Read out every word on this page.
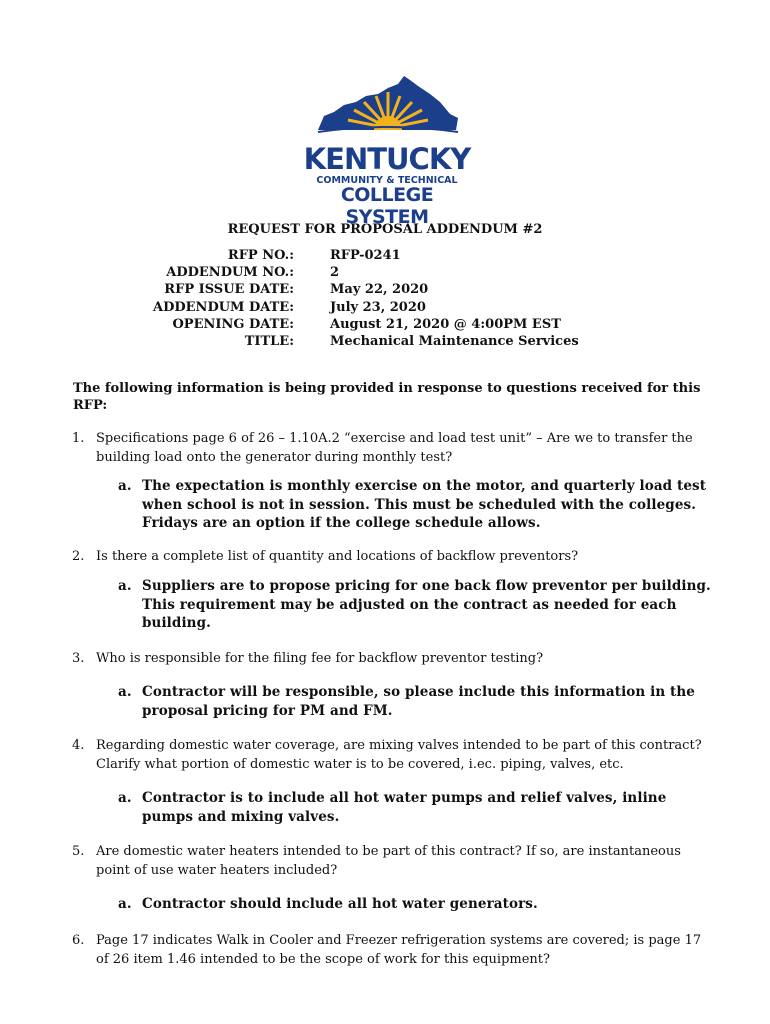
KENTUCKY
COMMUNITY & TECHNICAL
COLLEGE SYSTEM
REQUEST FOR PROPOSAL ADDENDUM #2
RFP NO.:	RFP-0241
ADDENDUM NO.:	2
RFP ISSUE DATE:	May 22, 2020
ADDENDUM DATE:	July 23, 2020
OPENING DATE:	August 21, 2020 @ 4:00PM EST
TITLE:	Mechanical Maintenance Services
The following information is being provided in response to questions received for this RFP:
1. Specifications page 6 of 26 – 1.10A.2 “exercise and load test unit” – Are we to transfer the building load onto the generator during monthly test?
a. The expectation is monthly exercise on the motor, and quarterly load test when school is not in session. This must be scheduled with the colleges. Fridays are an option if the college schedule allows.
2. Is there a complete list of quantity and locations of backflow preventors?
a. Suppliers are to propose pricing for one back flow preventor per building. This requirement may be adjusted on the contract as needed for each building.
3. Who is responsible for the filing fee for backflow preventor testing?
a. Contractor will be responsible, so please include this information in the proposal pricing for PM and FM.
4. Regarding domestic water coverage, are mixing valves intended to be part of this contract? Clarify what portion of domestic water is to be covered, i.ec. piping, valves, etc.
a. Contractor is to include all hot water pumps and relief valves, inline pumps and mixing valves.
5. Are domestic water heaters intended to be part of this contract? If so, are instantaneous point of use water heaters included?
a. Contractor should include all hot water generators.
6. Page 17 indicates Walk in Cooler and Freezer refrigeration systems are covered; is page 17 of 26 item 1.46 intended to be the scope of work for this equipment?
